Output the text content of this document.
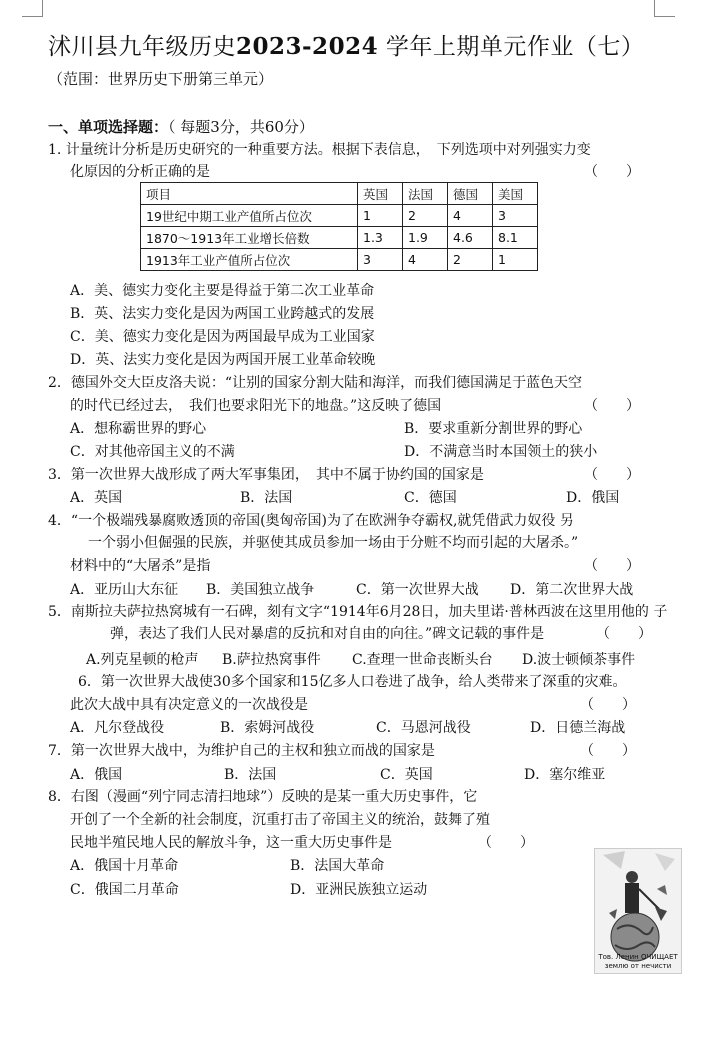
沭川县九年级历史2023-2024 学年上期单元作业（七）
（范围：世界历史下册第三单元）
一、单项选择题：（ 每题3分，共60分）
1. 计量统计分析是历史研究的一种重要方法。根据下表信息，　下列选项中对列强实力变
化原因的分析正确的是	（　　）
项目	英国	法国	德国	美国
19世纪中期工业产值所占位次	1	2	4	3
1870～1913年工业增长倍数	1.3	1.9	4.6	8.1
1913年工业产值所占位次	3	4	2	1
A．美、德实力变化主要是得益于第二次工业革命
B．英、法实力变化是因为两国工业跨越式的发展
C．美、德实力变化是因为两国最早成为工业国家
D．英、法实力变化是因为两国开展工业革命较晚
2．德国外交大臣皮洛夫说：“让别的国家分割大陆和海洋，而我们德国满足于蓝色天空
的时代已经过去，　我们也要求阳光下的地盘。”这反映了德国	（　　）
A．想称霸世界的野心	B．要求重新分割世界的野心
C．对其他帝国主义的不满	D．不满意当时本国领土的狭小
3．第一次世界大战形成了两大军事集团，　其中不属于协约国的国家是	（　　）
A．英国	B．法国	C．德国	D．俄国
4．“一个极端残暴腐败透顶的帝国(奥匈帝国)为了在欧洲争夺霸权,就凭借武力奴役 另
一个弱小但倔强的民族，并驱使其成员参加一场由于分赃不均而引起的大屠杀。”
材料中的“大屠杀”是指	（　　）
A．亚历山大东征 B．美国独立战争	C．第一次世界大战 D．第二次世界大战
5．南斯拉夫萨拉热窝城有一石碑，刻有文字“1914年6月28日，加夫里诺·普林西波在这里用他的 子
弹，表达了我们人民对暴虐的反抗和对自由的向往。”碑文记载的事件是	（　　）
A.列克星顿的枪声 B.萨拉热窝事件 C.查理一世命丧断头台 D.波士顿倾茶事件
6．第一次世界大战使30多个国家和15亿多人口卷进了战争，给人类带来了深重的灾难。
此次大战中具有决定意义的一次战役是	（　　）
A．凡尔登战役	B．索姆河战役	C．马恩河战役	D．日德兰海战
7．第一次世界大战中，为维护自己的主权和独立而战的国家是	（　　）
A．俄国	B．法国	C．英国	D．塞尔维亚
8．右图（漫画“列宁同志清扫地球”）反映的是某一重大历史事件，它
开创了一个全新的社会制度，沉重打击了帝国主义的统治，鼓舞了殖
民地半殖民地人民的解放斗争，这一重大历史事件是	（　　）
A．俄国十月革命	B．法国大革命
C．俄国二月革命	D．亚洲民族独立运动
Тов. Ленин ОЧИЩАЕТ
землю от нечисти
